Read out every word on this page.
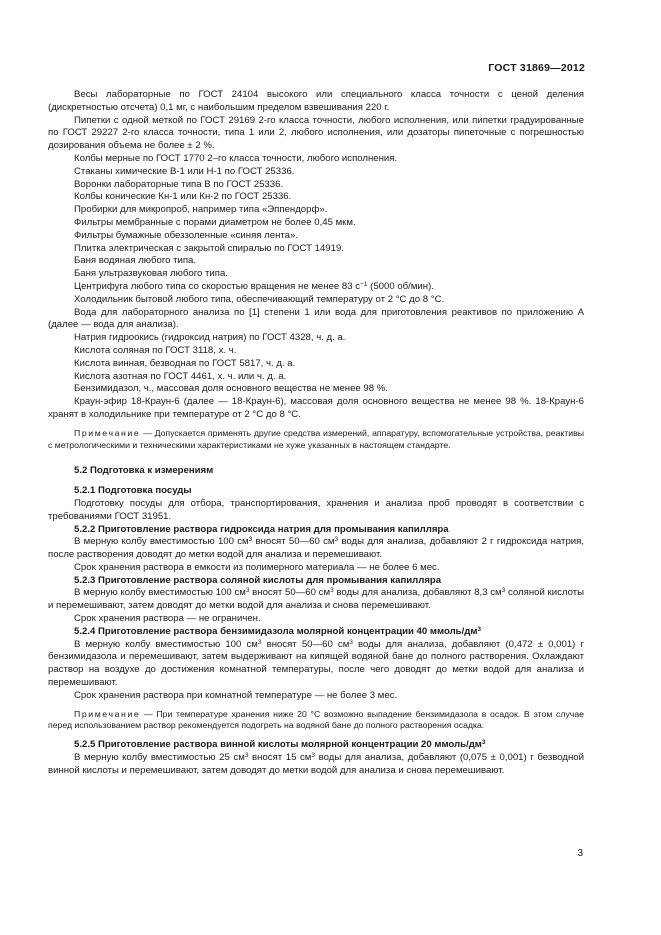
ГОСТ 31869—2012

Весы лабораторные по ГОСТ 24104 высокого или специального класса точности с ценой деления (дискретностью отсчета) 0,1 мг, с наибольшим пределом взвешивания 220 г.

Пипетки с одной меткой по ГОСТ 29169 2-го класса точности, любого исполнения, или пипетки градуированные по ГОСТ 29227 2-го класса точности, типа 1 или 2, любого исполнения, или дозаторы пипеточные с погрешностью дозирования объема не более ± 2 %.

Колбы мерные по ГОСТ 1770 2–го класса точности, любого исполнения.

Стаканы химические В-1 или Н-1 по ГОСТ 25336.

Воронки лабораторные типа В по ГОСТ 25336.

Колбы конические Кн-1 или Кн-2 по ГОСТ 25336.

Пробирки для микропроб, например типа «Эппендорф».

Фильтры мембранные с порами диаметром не более 0,45 мкм.

Фильтры бумажные обеззоленные «синяя лента».

Плитка электрическая с закрытой спиралью по ГОСТ 14919.

Баня водяная любого типа.

Баня ультразвуковая любого типа.

Центрифуга любого типа со скоростью вращения не менее 83 $с^{-1}$ (5000 об/мин).

Холодильник бытовой любого типа, обеспечивающий температуру от 2 °С до 8 °С.

Вода для лабораторного анализа по [1] степени 1 или вода для приготовления реактивов по приложению А (далее — вода для анализа).

Натрия гидроокись (гидроксид натрия) по ГОСТ 4328, ч. д. а.

Кислота соляная по ГОСТ 3118, х. ч.

Кислота винная, безводная по ГОСТ 5817, ч. д. а.

Кислота азотная по ГОСТ 4461, х. ч. или ч. д. а.

Бензимидазол, ч., массовая доля основного вещества не менее 98 %.

Краун-эфир 18-Краун-6 (далее — 18-Краун-6), массовая доля основного вещества не менее 98 %. 18-Краун-6 хранят в холодильнике при температуре от 2 °С до 8 °С.

Примечание — Допускается применять другие средства измерений, аппаратуру, вспомогательные устройства, реактивы с метрологическими и техническими характеристиками не хуже указанных в настоящем стандарте.

5.2 Подготовка к измерениям

5.2.1 Подготовка посуды

Подготовку посуды для отбора, транспортирования, хранения и анализа проб проводят в соответствии с требованиями ГОСТ 31951.

5.2.2 Приготовление раствора гидроксида натрия для промывания капилляра

В мерную колбу вместимостью 100 $см^3$ вносят 50—60 $см^3$ воды для анализа, добавляют 2 г гидроксида натрия, после растворения доводят до метки водой для анализа и перемешивают.

Срок хранения раствора в емкости из полимерного материала — не более 6 мес.

5.2.3 Приготовление раствора соляной кислоты для промывания капилляра

В мерную колбу вместимостью 100 $см^3$ вносят 50—60 $см^3$ воды для анализа, добавляют 8,3 $см^3$ соляной кислоты и перемешивают, затем доводят до метки водой для анализа и снова перемешивают.

Срок хранения раствора — не ограничен.

5.2.4 Приготовление раствора бензимидазола молярной концентрации 40 ммоль/$дм^3$

В мерную колбу вместимостью 100 $см^3$ вносят 50—60 $см^3$ воды для анализа, добавляют (0,472 ± 0,001) г бензимидазола и перемешивают, затем выдерживают на кипящей водяной бане до полного растворения. Охлаждают раствор на воздухе до достижения комнатной температуры, после чего доводят до метки водой для анализа и перемешивают.

Срок хранения раствора при комнатной температуре — не более 3 мес.

Примечание — При температуре хранения ниже 20 °С возможно выпадение бензимидазола в осадок. В этом случае перед использованием раствор рекомендуется подогреть на водяной бане до полного растворения осадка.

5.2.5 Приготовление раствора винной кислоты молярной концентрации 20 ммоль/$дм^3$

В мерную колбу вместимостью 25 $см^3$ вносят 15 $см^3$ воды для анализа, добавляют (0,075 ± 0,001) г безводной винной кислоты и перемешивают, затем доводят до метки водой для анализа и снова перемешивают.

3
